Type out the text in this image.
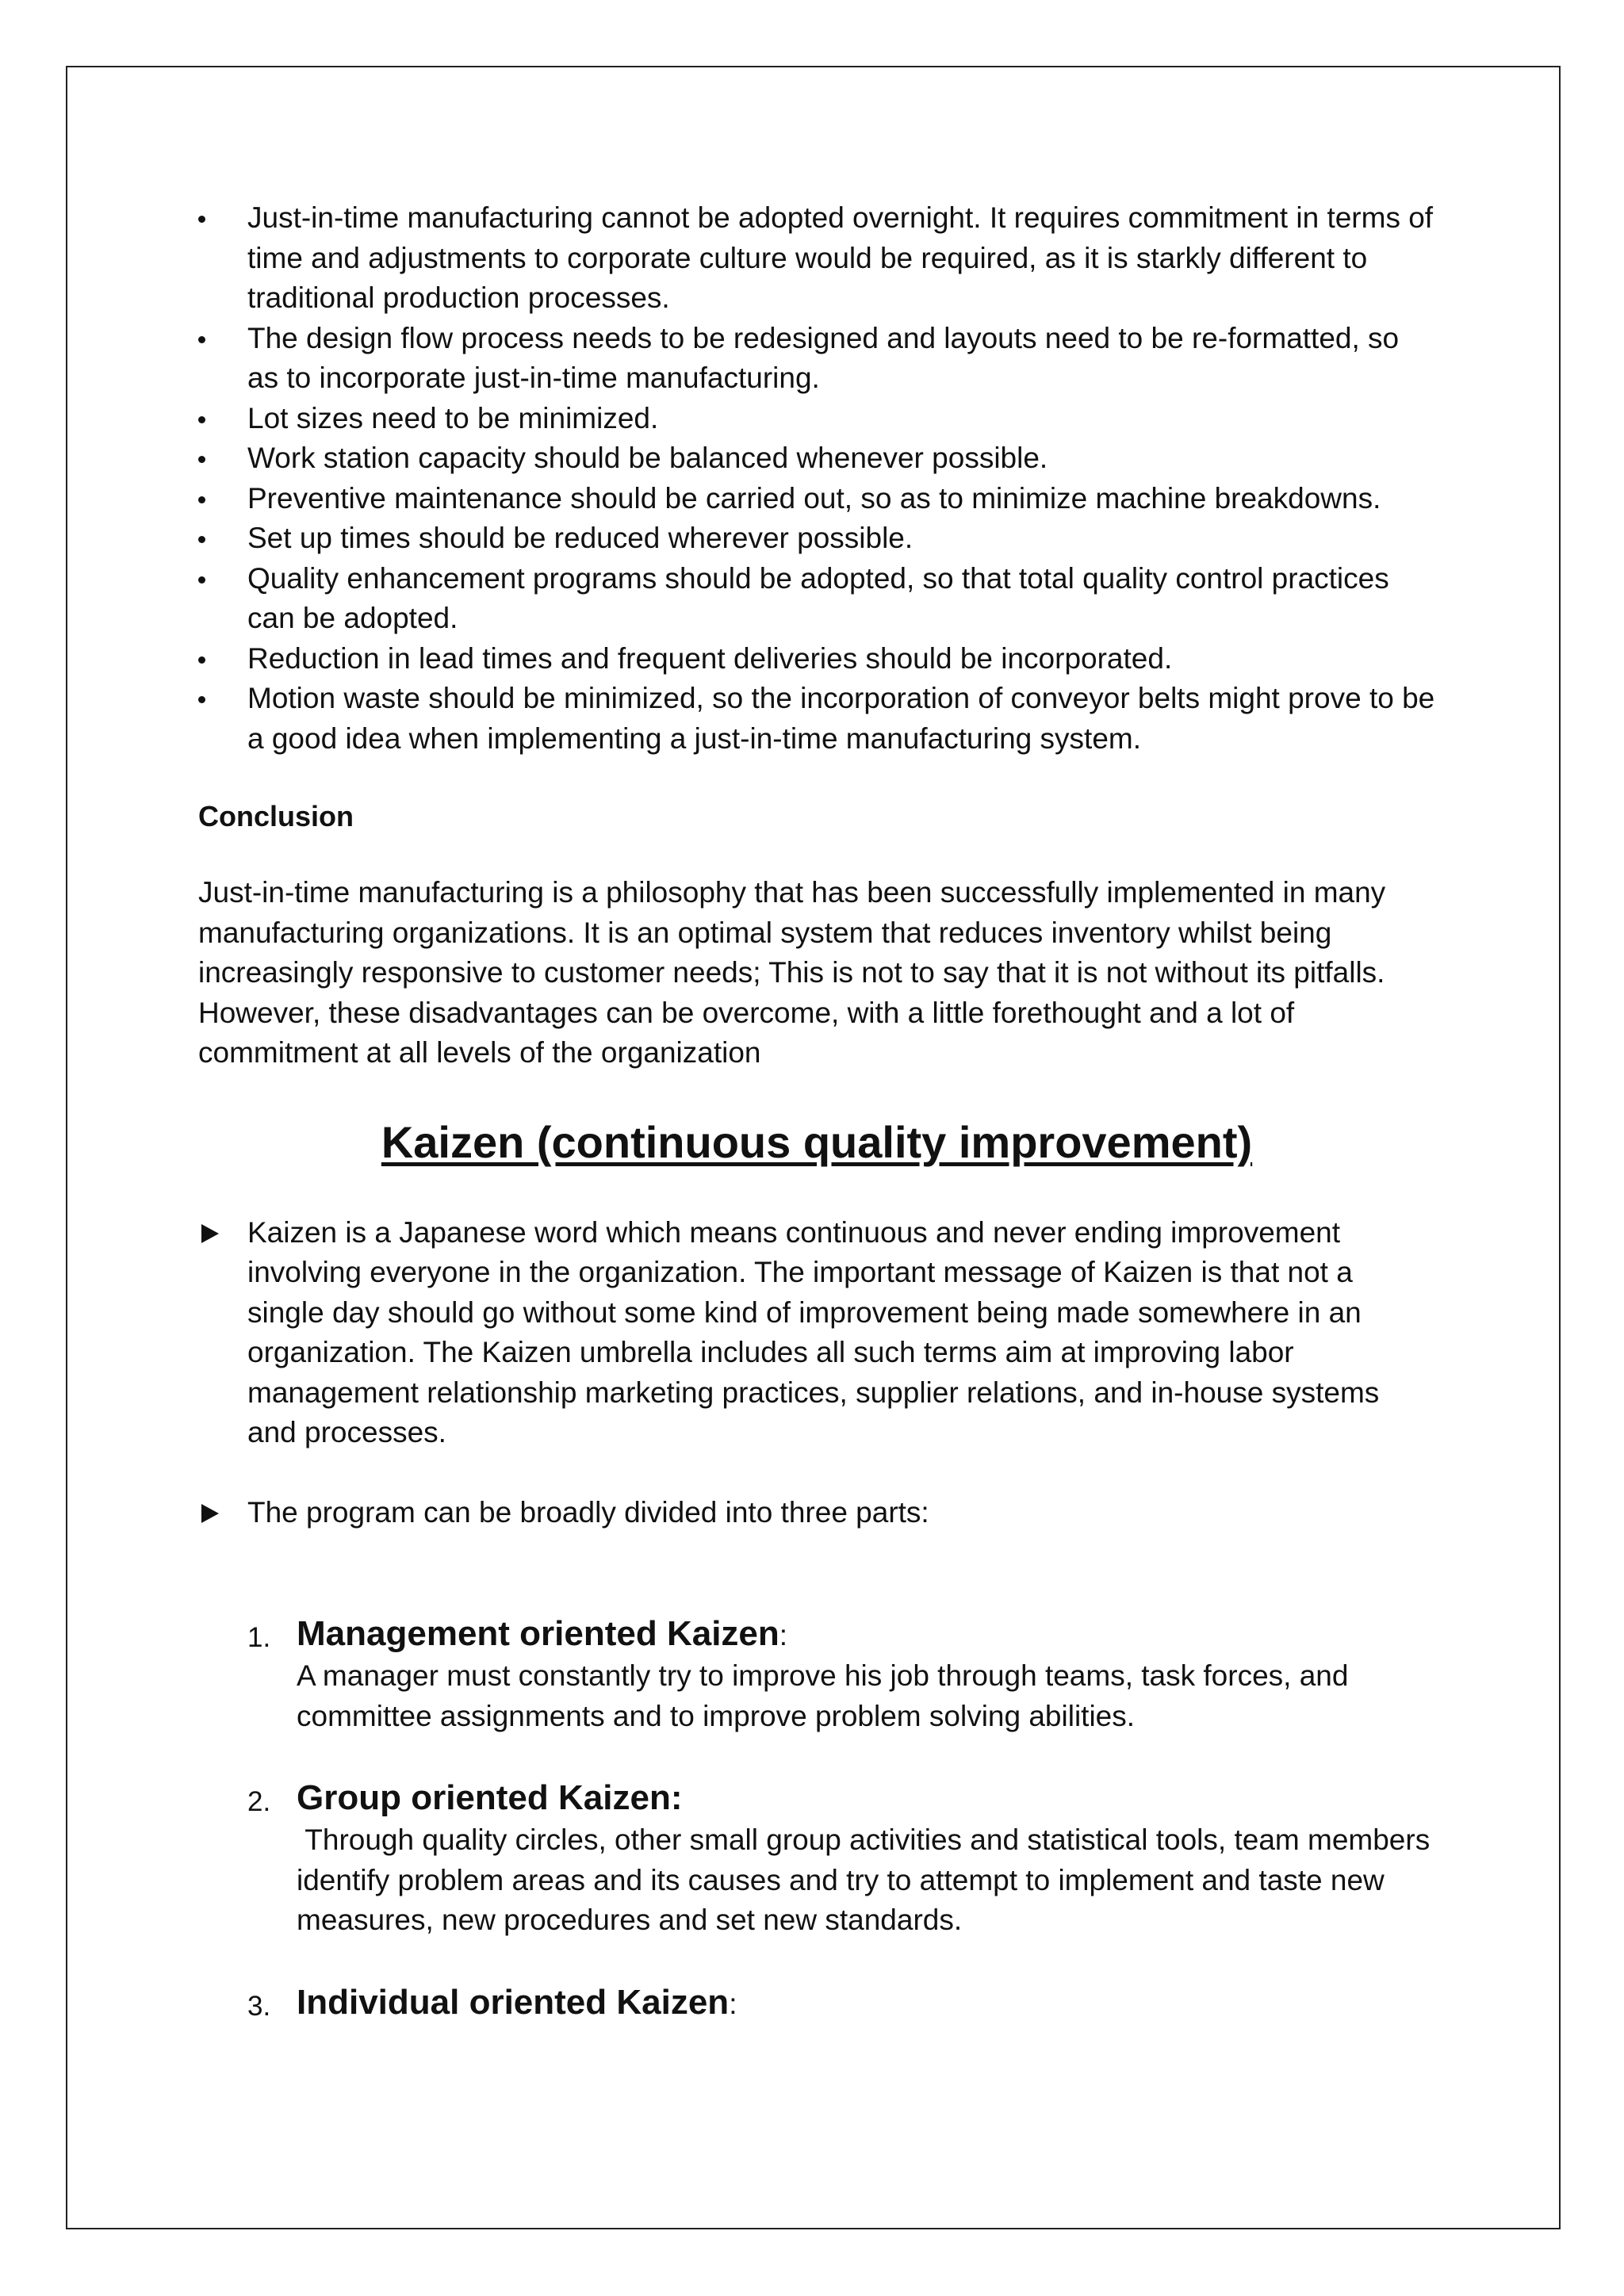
Just-in-time manufacturing cannot be adopted overnight. It requires commitment in terms of time and adjustments to corporate culture would be required, as it is starkly different to traditional production processes.
The design flow process needs to be redesigned and layouts need to be re-formatted, so as to incorporate just-in-time manufacturing.
Lot sizes need to be minimized.
Work station capacity should be balanced whenever possible.
Preventive maintenance should be carried out, so as to minimize machine breakdowns.
Set up times should be reduced wherever possible.
Quality enhancement programs should be adopted, so that total quality control practices can be adopted.
Reduction in lead times and frequent deliveries should be incorporated.
Motion waste should be minimized, so the incorporation of conveyor belts might prove to be a good idea when implementing a just-in-time manufacturing system.
Conclusion
Just-in-time manufacturing is a philosophy that has been successfully implemented in many manufacturing organizations. It is an optimal system that reduces inventory whilst being increasingly responsive to customer needs; This is not to say that it is not without its pitfalls. However, these disadvantages can be overcome, with a little forethought and a lot of commitment at all levels of the organization
Kaizen (continuous quality improvement)
Kaizen is a Japanese word which means continuous and never ending improvement involving everyone in the organization. The important message of Kaizen is that not a single day should go without some kind of improvement being made somewhere in an organization. The Kaizen umbrella includes all such terms aim at improving labor management relationship marketing practices, supplier relations, and in-house systems and processes.
The program can be broadly divided into three parts:
1. Management oriented Kaizen:
A manager must constantly try to improve his job through teams, task forces, and committee assignments and to improve problem solving abilities.
2. Group oriented Kaizen:
Through quality circles, other small group activities and statistical tools, team members identify problem areas and its causes and try to attempt to implement and taste new measures, new procedures and set new standards.
3. Individual oriented Kaizen:
